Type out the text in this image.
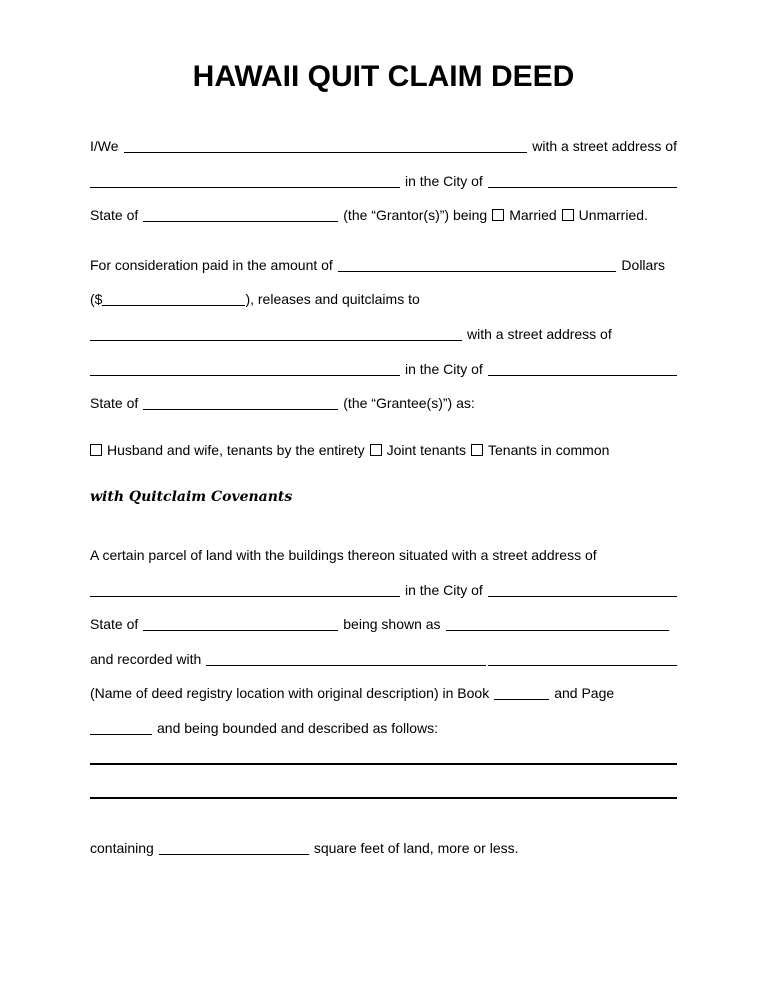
HAWAII QUIT CLAIM DEED
I/We	with a street address of
in the City of
State of	(the “Grantor(s)”) being Married Unmarried.
For consideration paid in the amount of	Dollars
($	), releases and quitclaims to
with a street address of
in the City of
State of	(the “Grantee(s)”) as:
Husband and wife, tenants by the entirety Joint tenants Tenants in common
with Quitclaim Covenants
A certain parcel of land with the buildings thereon situated with a street address of
in the City of
State of	being shown as
and recorded with
(Name of deed registry location with original description) in Book	and Page
and being bounded and described as follows:
containing	square feet of land, more or less.
